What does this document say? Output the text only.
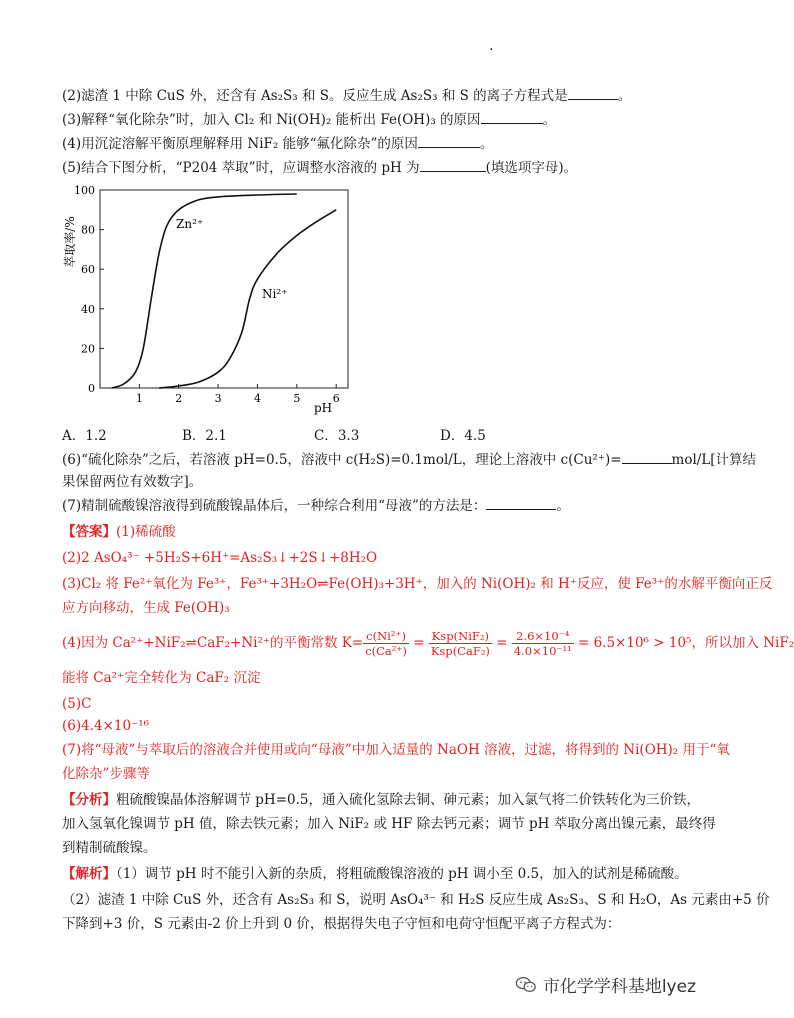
.
(2)滤渣 1 中除 CuS 外，还含有 As₂S₃ 和 S。反应生成 As₂S₃ 和 S 的离子方程式是	。
(3)解释“氧化除杂”时，加入 Cl₂ 和 Ni(OH)₂ 能析出 Fe(OH)₃ 的原因	。
(4)用沉淀溶解平衡原理解释用 NiF₂ 能够“氟化除杂”的原因	。
(5)结合下图分析，“P204 萃取”时，应调整水溶液的 pH 为	(填选项字母)。
0
20
40
60
80
100
1	2	3	4	5	6
Zn²⁺
Ni²⁺
pH
萃取率/%
A．1.2	B．2.1	C．3.3	D．4.5
(6)“硫化除杂”之后，若溶液 pH=0.5，溶液中 c(H₂S)=0.1mol/L，理论上溶液中 c(Cu²⁺)=	mol/L[计算结
果保留两位有效数字]。
(7)精制硫酸镍溶液得到硫酸镍晶体后，一种综合利用“母液”的方法是：	。
【答案】(1)稀硫酸
(2)2 AsO₄³⁻ +5H₂S+6H⁺=As₂S₃↓+2S↓+8H₂O
(3)Cl₂ 将 Fe²⁺氧化为 Fe³⁺，Fe³⁺+3H₂O⇌Fe(OH)₃+3H⁺，加入的 Ni(OH)₂ 和 H⁺反应，使 Fe³⁺的水解平衡向正反
应方向移动，生成 Fe(OH)₃
(4)因为 Ca²⁺+NiF₂⇌CaF₂+Ni²⁺的平衡常数 $K= \frac{\text{c(Ni²⁺)}}{\text{c(Ca²⁺)}} = \frac{\text{Ksp(NiF₂)}}{\text{Ksp(CaF₂)}} = \frac{\text{2.6×10⁻⁴}}{\text{4.0×10⁻¹¹}} = 6.5\times 10^6 > 10^5$，所以加入 NiF₂
能将 Ca²⁺完全转化为 CaF₂ 沉淀
(5)C
(6)4.4×10⁻¹⁶
(7)将“母液”与萃取后的溶液合并使用或向“母液”中加入适量的 NaOH 溶液，过滤，将得到的 Ni(OH)₂ 用于“氧
化除杂”步骤等
【分析】粗硫酸镍晶体溶解调节 pH=0.5，通入硫化氢除去铜、砷元素；加入氯气将二价铁转化为三价铁，
加入氢氧化镍调节 pH 值，除去铁元素；加入 NiF₂ 或 HF 除去钙元素；调节 pH 萃取分离出镍元素，最终得
到精制硫酸镍。
【解析】（1）调节 pH 时不能引入新的杂质，将粗硫酸镍溶液的 pH 调小至 0.5，加入的试剂是稀硫酸。
（2）滤渣 1 中除 CuS 外，还含有 As₂S₃ 和 S，说明 AsO₄³⁻ 和 H₂S 反应生成 As₂S₃、S 和 H₂O，As 元素由+5 价
下降到+3 价，S 元素由-2 价上升到 0 价，根据得失电子守恒和电荷守恒配平离子方程式为：
市化学学科基地lyez
